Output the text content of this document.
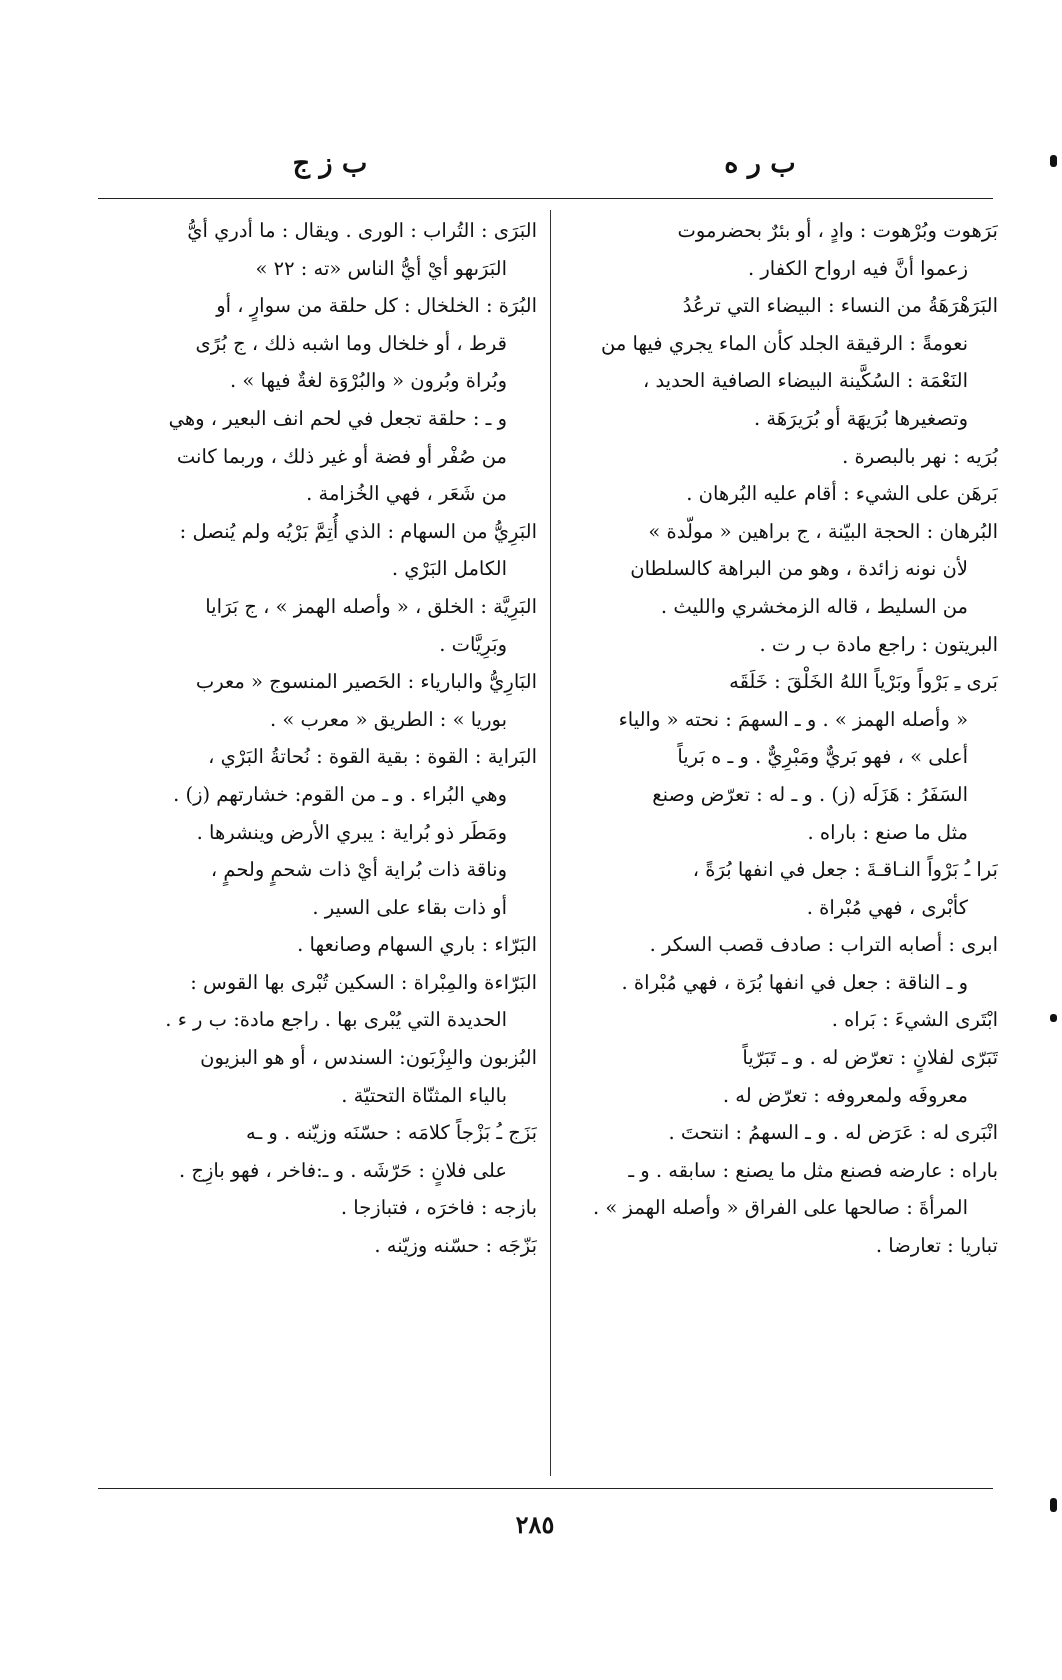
ب ر ه
ب ز ج
بَرَهوت وبُرْهوت : وادٍ ، أو بئرٌ بحضرموت
زعموا أنَّ فيه ارواح الكفار .
البَرَهْرَهَةُ من النساء : البيضاء التي ترعُدُ
نعومةً : الرقيقة الجلد كأن الماء يجري فيها من
النَعْمَة : السُكَّينة البيضاء الصافية الحديد ،
وتصغيرها بُرَيهَة أو بُرَيرَهَة .
بُرَيه : نهر بالبصرة .
بَرهَن على الشيء : أقام عليه البُرهان .
البُرهان : الحجة البيّنة ، ج براهين « مولّدة »
لأن نونه زائدة ، وهو من البراهة كالسلطان
من السليط ، قاله الزمخشري والليث .
البريتون : راجع مادة ب ر ت .
بَرى ـِ بَرْواً وبَرْياً اللهُ الخَلْقَ : خَلَقَه
« وأصله الهمز » . و ـ السهمَ : نحته « والياء
أعلى » ، فهو بَريٌّ ومَبْرِيٌّ . و ـ ه بَرياً
السَفَرُ : هَزَلَه (ز) . و ـ له : تعرّض وصنع
مثل ما صنع : باراه .
بَرا ـُ بَرْواً النـاقـةَ : جعل في انفها بُرَةً ،
كأبْرى ، فهي مُبْراة .
ابرى : أصابه التراب : صادف قصب السكر .
و ـ الناقة : جعل في انفها بُرَة ، فهي مُبْراة .
ابْتَرى الشيءَ : بَراه .
تَبَرّى لفلانٍ : تعرّض له . و ـ تَبَرّياً
معروفَه ولمعروفه : تعرّض له .
انْبَرى له : عَرَض له . و ـ السهمُ : انتحتَ .
باراه : عارضه فصنع مثل ما يصنع : سابقه . و ـ
المرأةَ : صالحها على الفراق « وأصله الهمز » .
تباريا : تعارضا .
البَرَى : التُراب : الورى . ويقال : ما أدري أيُّ
البَرَىهو أيْ أيُّ الناس «ته : ٢٢ »
البُرَة : الخلخال : كل حلقة من سوارٍ ، أو
قرط ، أو خلخال وما اشبه ذلك ، ج بُرًى
وبُراة وبُرون « والبُرْوَة لغةٌ فيها » .
و ـ : حلقة تجعل في لحم انف البعير ، وهي
من صُفْر أو فضة أو غير ذلك ، وربما كانت
من شَعَر ، فهي الخُزامة .
البَرِيُّ من السهام : الذي أُتِمَّ بَرْيُه ولم يُنصل :
الكامل البَرْي .
البَرِيَّة : الخلق ، « وأصله الهمز » ، ج بَرَايا
وبَرِيَّات .
البَارِيُّ والبارياء : الحَصير المنسوج « معرب
بوريا » : الطريق « معرب » .
البَراية : القوة : بقية القوة : نُحاتةُ البَرْي ،
وهي البُراء . و ـ من القوم: خشارتهم (ز) .
ومَطَر ذو بُراية : يبري الأرض وينشرها .
وناقة ذات بُراية أيْ ذات شحمٍ ولحمٍ ،
أو ذات بقاء على السير .
البَرّاء : باري السهام وصانعها .
البَرّاءة والمِبْراة : السكين تُبْرى بها القوس :
الحديدة التي يُبْرى بها . راجع مادة: ب ر ء .
البُزبون والبِزْبَون: السندس ، أو هو البزيون
بالياء المثنّاة التحتيّة .
بَزَج ـُ بَزْجاً كلامَه : حسّنَه وزيّنه . و ـه
على فلانٍ : حَرّشَه . و ـ:فاخر ، فهو بازِج .
بازجه : فاخرَه ، فتبازجا .
بَزّجَه : حسّنه وزيّنه .
٢٨٥
